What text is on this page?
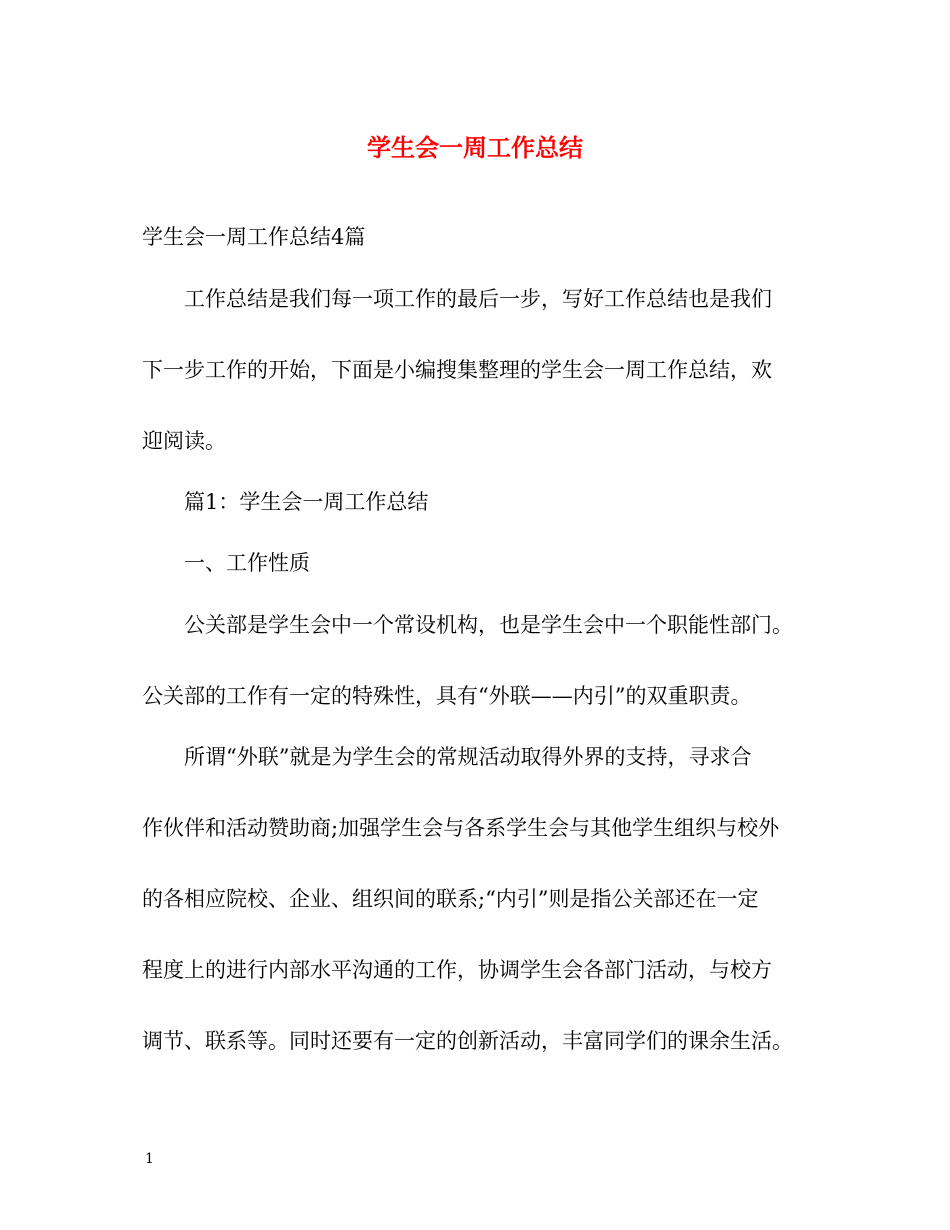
学生会一周工作总结

学生会一周工作总结4篇

工作总结是我们每一项工作的最后一步，写好工作总结也是我们

下一步工作的开始，下面是小编搜集整理的学生会一周工作总结，欢

迎阅读。

篇1：学生会一周工作总结

一、工作性质

公关部是学生会中一个常设机构，也是学生会中一个职能性部门。

公关部的工作有一定的特殊性，具有“外联——内引”的双重职责。

所谓“外联”就是为学生会的常规活动取得外界的支持，寻求合

作伙伴和活动赞助商;加强学生会与各系学生会与其他学生组织与校外

的各相应院校、企业、组织间的联系;“内引”则是指公关部还在一定

程度上的进行内部水平沟通的工作，协调学生会各部门活动，与校方

调节、联系等。同时还要有一定的创新活动，丰富同学们的课余生活。

1
